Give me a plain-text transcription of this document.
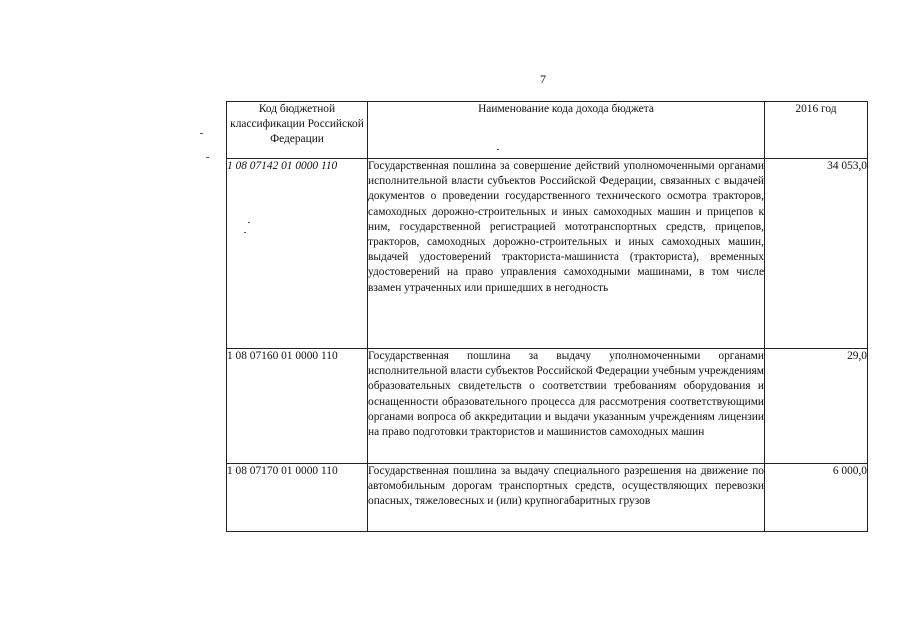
7
Код бюджетной классификации Российской Федерации	Наименование кода дохода бюджета	2016 год
1 08 07142 01 0000 110	Государственная пошлина за совершение действий уполномоченными органами исполнительной власти субъектов Российской Федерации, связанных с выдачей документов о проведении государственного технического осмотра тракторов, самоходных дорожно-строительных и иных самоходных машин и прицепов к ним, государственной регистрацией мототранспортных средств, прицепов, тракторов, самоходных дорожно-строительных и иных самоходных машин, выдачей удостоверений тракториста-машиниста (тракториста), временных удостоверений на право управления самоходными машинами, в том числе взамен утраченных или пришедших в негодность	34 053,0
1 08 07160 01 0000 110	Государственная пошлина за выдачу уполномоченными органами исполнительной власти субъектов Российской Федерации учебным учреждениям образовательных свидетельств о соответствии требованиям оборудования и оснащенности образовательного процесса для рассмотрения соответствующими органами вопроса об аккредитации и выдачи указанным учреждениям лицензии на право подготовки трактористов и машинистов самоходных машин	29,0
1 08 07170 01 0000 110	Государственная пошлина за выдачу специального разрешения на движение по автомобильным дорогам транспортных средств, осуществляющих перевозки опасных, тяжеловесных и (или) крупногабаритных грузов	6 000,0
